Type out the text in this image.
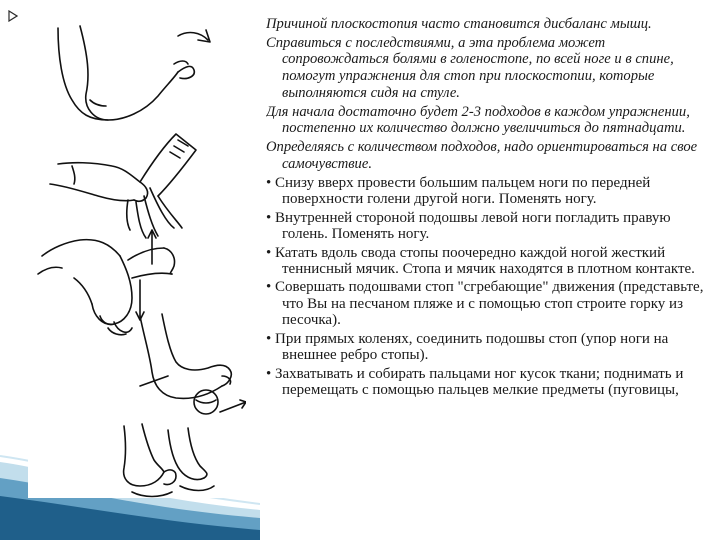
Причиной плоскостопия часто становится дисбаланс мышц.

Справиться с последствиями, а эта проблема может сопровождаться болями в голеностопе, по всей ноге и в спине, помогут упражнения для стоп при плоскостопии, которые выполняются сидя на стуле.

Для начала достаточно будет 2-3 подходов в каждом упражнении, постепенно их количество должно увеличиться до пятнадцати.

Определяясь с количеством подходов, надо ориентироваться на свое самочувствие.

• Снизу вверх провести большим пальцем ноги по передней поверхности голени другой ноги. Поменять ногу.

• Внутренней стороной подошвы левой ноги погладить правую голень. Поменять ногу.

• Катать вдоль свода стопы поочередно каждой ногой жесткий теннисный мячик. Стопа и мячик находятся в плотном контакте.

• Совершать подошвами стоп "сгребающие" движения (представьте, что Вы на песчаном пляже и с помощью стоп строите горку из песочка).

• При прямых коленях, соединить подошвы стоп (упор ноги на внешнее ребро стопы).

• Захватывать и собирать пальцами ног кусок ткани; поднимать и перемещать с помощью пальцев мелкие предметы (пуговицы,
